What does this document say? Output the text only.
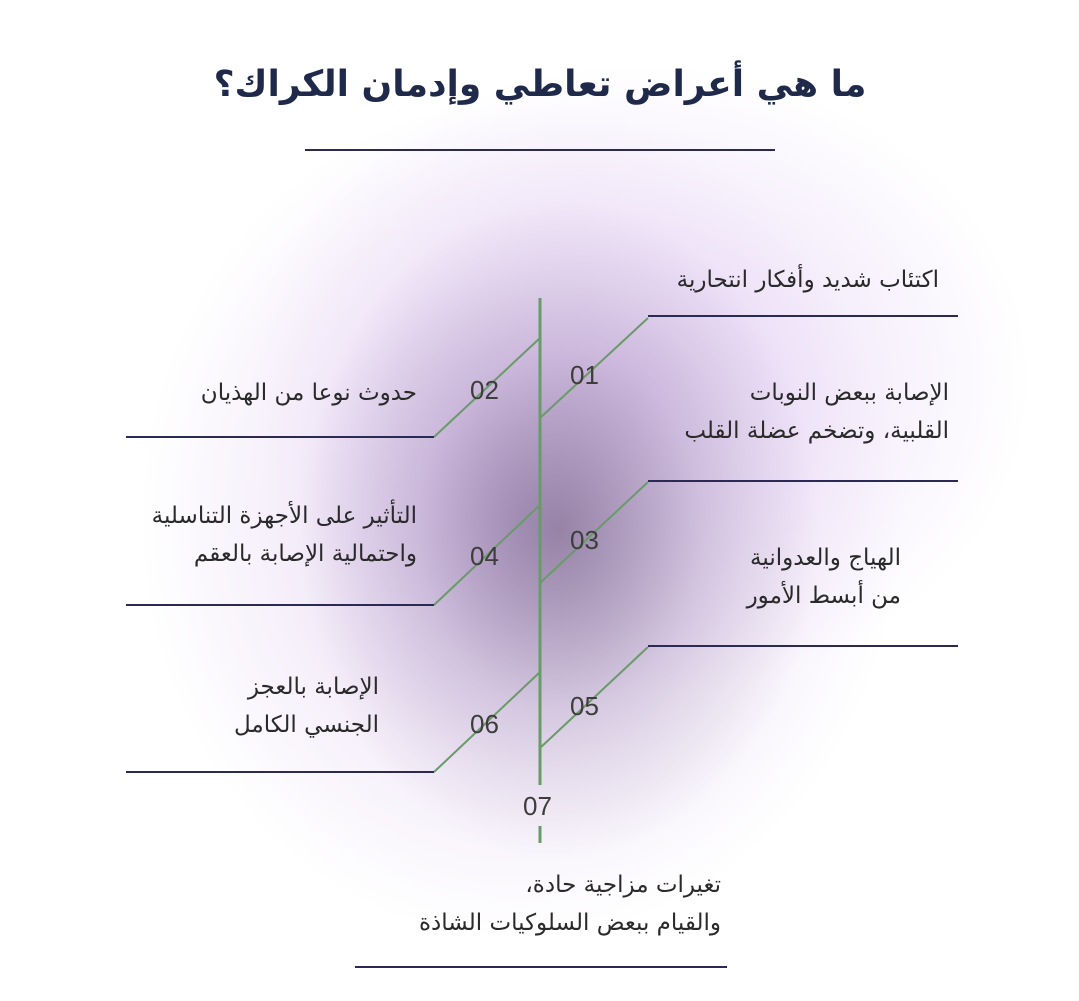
ما هي أعراض تعاطي وإدمان الكراك؟
01
02
03
04
05
06
07
اكتئاب شديد وأفكار انتحارية
الإصابة ببعض النوبات
القلبية، وتضخم عضلة القلب
الهياج والعدوانية
من أبسط الأمور
حدوث نوعا من الهذيان
التأثير على الأجهزة التناسلية
واحتمالية الإصابة بالعقم
الإصابة بالعجز
الجنسي الكامل
تغيرات مزاجية حادة،
والقيام ببعض السلوكيات الشاذة
